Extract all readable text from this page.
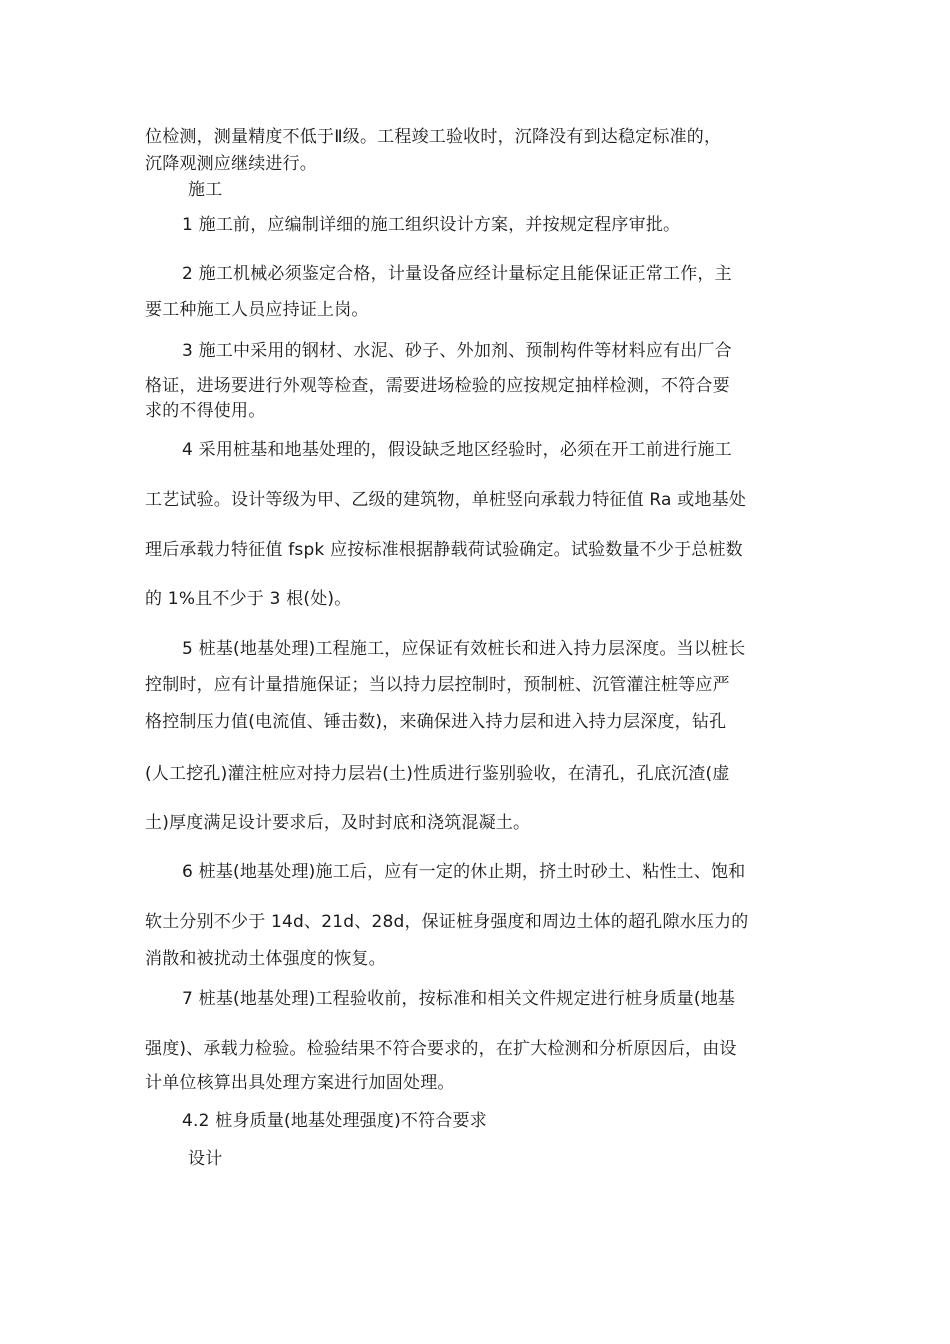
位检测，测量精度不低于Ⅱ级。工程竣工验收时，沉降没有到达稳定标准的，
沉降观测应继续进行。
施工
1 施工前，应编制详细的施工组织设计方案，并按规定程序审批。
2 施工机械必须鉴定合格，计量设备应经计量标定且能保证正常工作，主
要工种施工人员应持证上岗。
3 施工中采用的钢材、水泥、砂子、外加剂、预制构件等材料应有出厂合
格证，进场要进行外观等检查，需要进场检验的应按规定抽样检测，不符合要
求的不得使用。
4 采用桩基和地基处理的，假设缺乏地区经验时，必须在开工前进行施工
工艺试验。设计等级为甲、乙级的建筑物，单桩竖向承载力特征值 Ra 或地基处
理后承载力特征值 fspk 应按标准根据静载荷试验确定。试验数量不少于总桩数
的 1%且不少于 3 根(处)。
5 桩基(地基处理)工程施工，应保证有效桩长和进入持力层深度。当以桩长
控制时，应有计量措施保证；当以持力层控制时，预制桩、沉管灌注桩等应严
格控制压力值(电流值、锤击数)，来确保进入持力层和进入持力层深度，钻孔
(人工挖孔)灌注桩应对持力层岩(土)性质进行鉴别验收，在清孔，孔底沉渣(虚
土)厚度满足设计要求后，及时封底和浇筑混凝土。
6 桩基(地基处理)施工后，应有一定的休止期，挤土时砂土、粘性土、饱和
软土分别不少于 14d、21d、28d，保证桩身强度和周边土体的超孔隙水压力的
消散和被扰动土体强度的恢复。
7 桩基(地基处理)工程验收前，按标准和相关文件规定进行桩身质量(地基
强度)、承载力检验。检验结果不符合要求的，在扩大检测和分析原因后，由设
计单位核算出具处理方案进行加固处理。
4.2 桩身质量(地基处理强度)不符合要求
设计
